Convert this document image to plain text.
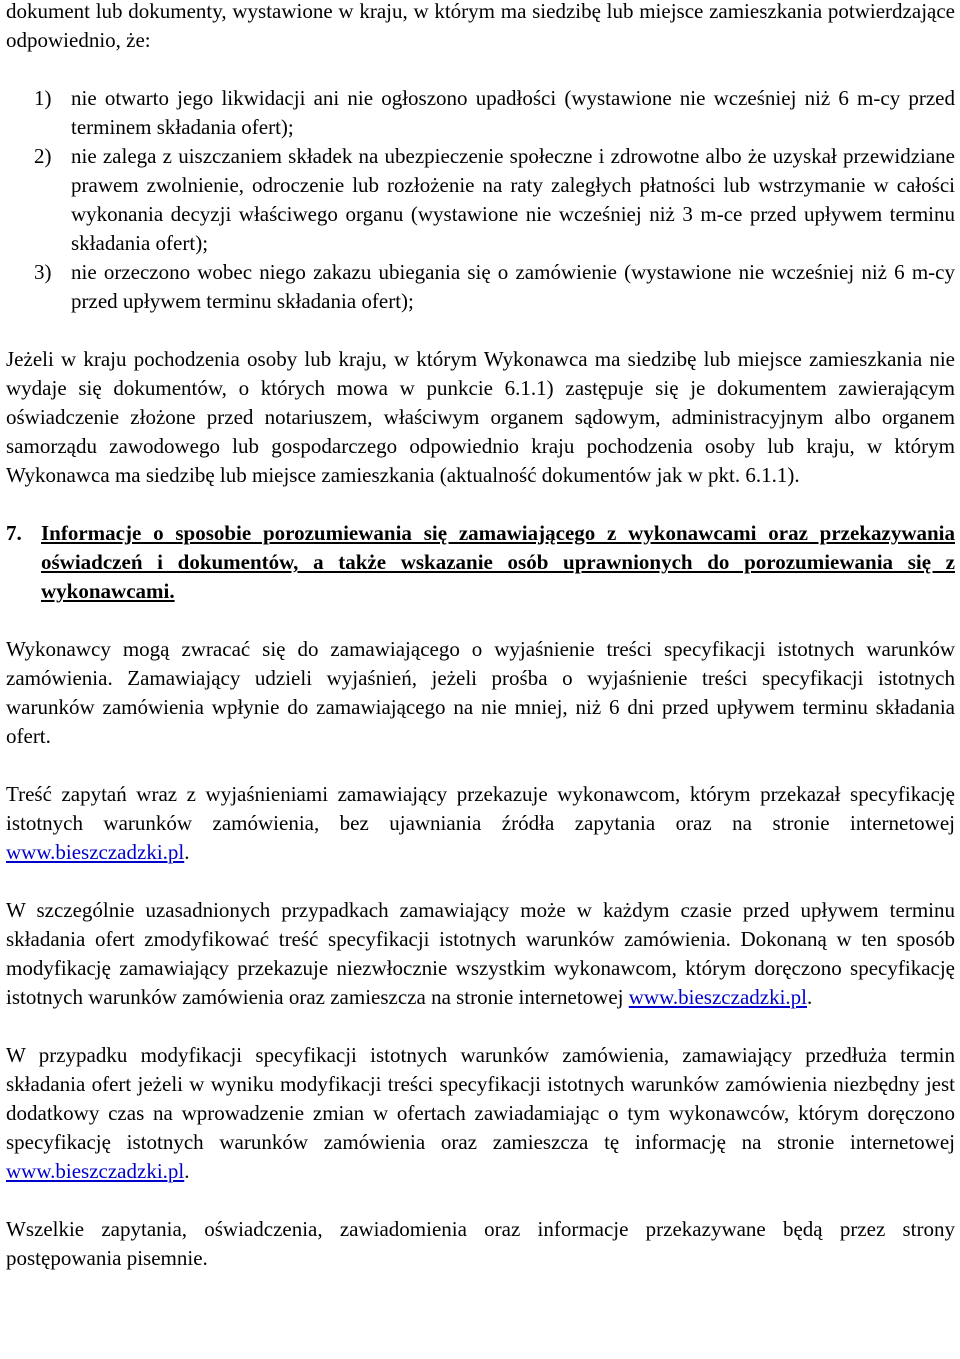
dokument lub dokumenty, wystawione w kraju, w którym ma siedzibę lub miejsce zamieszkania potwierdzające odpowiednio, że:

1) nie otwarto jego likwidacji ani nie ogłoszono upadłości (wystawione nie wcześniej niż 6 m-cy przed terminem składania ofert);
2) nie zalega z uiszczaniem składek na ubezpieczenie społeczne i zdrowotne albo że uzyskał przewidziane prawem zwolnienie, odroczenie lub rozłożenie na raty zaległych płatności lub wstrzymanie w całości wykonania decyzji właściwego organu (wystawione nie wcześniej niż 3 m-ce przed upływem terminu składania ofert);
3) nie orzeczono wobec niego zakazu ubiegania się o zamówienie (wystawione nie wcześniej niż 6 m-cy przed upływem terminu składania ofert);

Jeżeli w kraju pochodzenia osoby lub kraju, w którym Wykonawca ma siedzibę lub miejsce zamieszkania nie wydaje się dokumentów, o których mowa w punkcie 6.1.1) zastępuje się je dokumentem zawierającym oświadczenie złożone przed notariuszem, właściwym organem sądowym, administracyjnym albo organem samorządu zawodowego lub gospodarczego odpowiednio kraju pochodzenia osoby lub kraju, w którym Wykonawca ma siedzibę lub miejsce zamieszkania (aktualność dokumentów jak w pkt. 6.1.1).

7. Informacje o sposobie porozumiewania się zamawiającego z wykonawcami oraz przekazywania oświadczeń i dokumentów, a także wskazanie osób uprawnionych do porozumiewania się z wykonawcami.

Wykonawcy mogą zwracać się do zamawiającego o wyjaśnienie treści specyfikacji istotnych warunków zamówienia. Zamawiający udzieli wyjaśnień, jeżeli prośba o wyjaśnienie treści specyfikacji istotnych warunków zamówienia wpłynie do zamawiającego na nie mniej, niż 6 dni przed upływem terminu składania ofert.

Treść zapytań wraz z wyjaśnieniami zamawiający przekazuje wykonawcom, którym przekazał specyfikację istotnych warunków zamówienia, bez ujawniania źródła zapytania oraz na stronie internetowej www.bieszczadzki.pl.

W szczególnie uzasadnionych przypadkach zamawiający może w każdym czasie przed upływem terminu składania ofert zmodyfikować treść specyfikacji istotnych warunków zamówienia. Dokonaną w ten sposób modyfikację zamawiający przekazuje niezwłocznie wszystkim wykonawcom, którym doręczono specyfikację istotnych warunków zamówienia oraz zamieszcza na stronie internetowej www.bieszczadzki.pl.

W przypadku modyfikacji specyfikacji istotnych warunków zamówienia, zamawiający przedłuża termin składania ofert jeżeli w wyniku modyfikacji treści specyfikacji istotnych warunków zamówienia niezbędny jest dodatkowy czas na wprowadzenie zmian w ofertach zawiadamiając o tym wykonawców, którym doręczono specyfikację istotnych warunków zamówienia oraz zamieszcza tę informację na stronie internetowej www.bieszczadzki.pl.

Wszelkie zapytania, oświadczenia, zawiadomienia oraz informacje przekazywane będą przez strony postępowania pisemnie.
